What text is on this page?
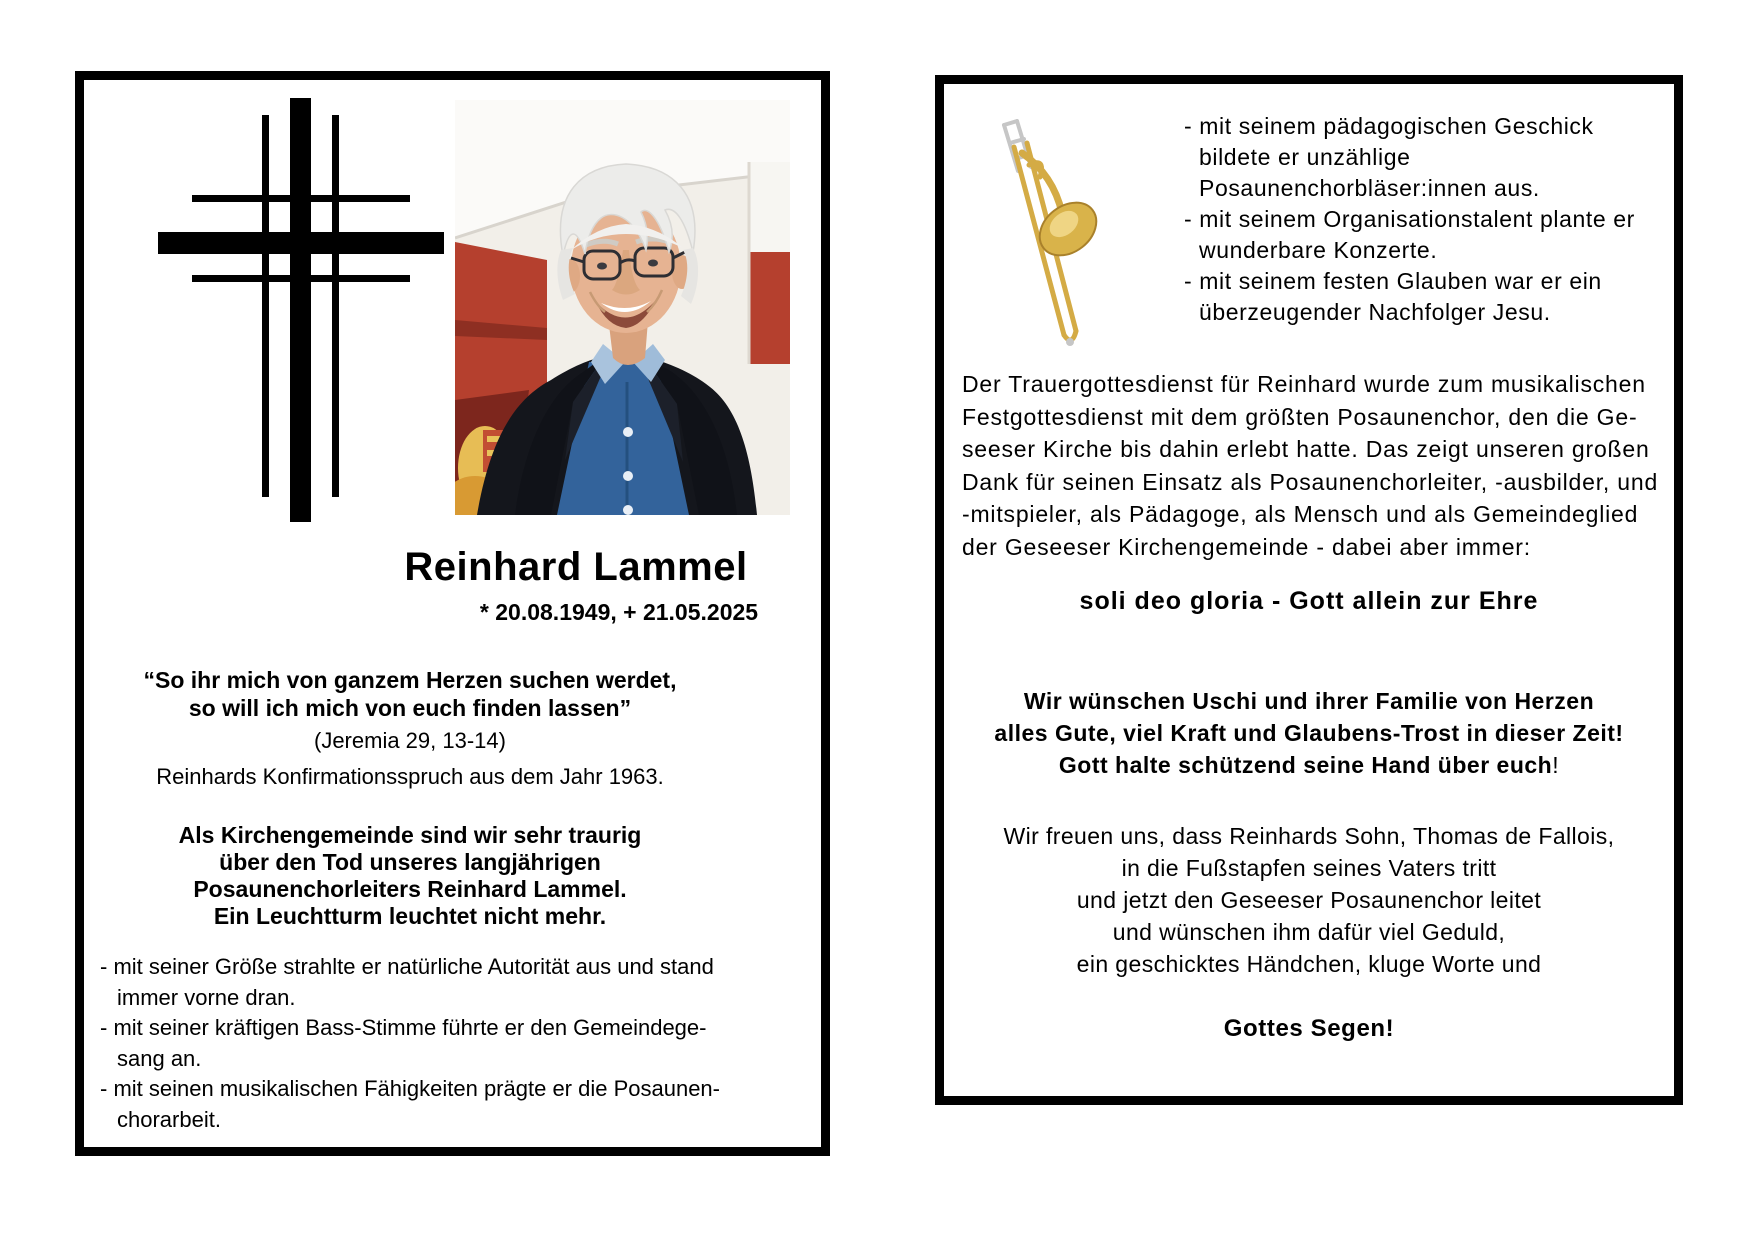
Reinhard Lammel
* 20.08.1949, + 21.05.2025
“So ihr mich von ganzem Herzen suchen werdet,
so will ich mich von euch finden lassen”
(Jeremia 29, 13-14)
Reinhards Konfirmationsspruch aus dem Jahr 1963.
Als Kirchengemeinde sind wir sehr traurig
über den Tod unseres langjährigen
Posaunenchorleiters Reinhard Lammel.
Ein Leuchtturm leuchtet nicht mehr.
- mit seiner Größe strahlte er natürliche Autorität aus und stand
immer vorne dran.
- mit seiner kräftigen Bass-Stimme führte er den Gemeindege-
sang an.
- mit seinen musikalischen Fähigkeiten prägte er die Posaunen-
chorarbeit.
- mit seinem pädagogischen Geschick
bildete er unzählige
Posaunenchorbläser:innen aus.
- mit seinem Organisationstalent plante er
wunderbare Konzerte.
- mit seinem festen Glauben war er ein
überzeugender Nachfolger Jesu.
Der Trauergottesdienst für Reinhard wurde zum musikalischen
Festgottesdienst mit dem größten Posaunenchor, den die Ge-
seeser Kirche bis dahin erlebt hatte. Das zeigt unseren großen
Dank für seinen Einsatz als Posaunenchorleiter, -ausbilder, und
-mitspieler, als Pädagoge, als Mensch und als Gemeindeglied
der Geseeser Kirchengemeinde - dabei aber immer:
soli deo gloria - Gott allein zur Ehre
Wir wünschen Uschi und ihrer Familie von Herzen
alles Gute, viel Kraft und Glaubens-Trost in dieser Zeit!
Gott halte schützend seine Hand über euch!
Wir freuen uns, dass Reinhards Sohn, Thomas de Fallois,
in die Fußstapfen seines Vaters tritt
und jetzt den Geseeser Posaunenchor leitet
und wünschen ihm dafür viel Geduld,
ein geschicktes Händchen, kluge Worte und
Gottes Segen!
